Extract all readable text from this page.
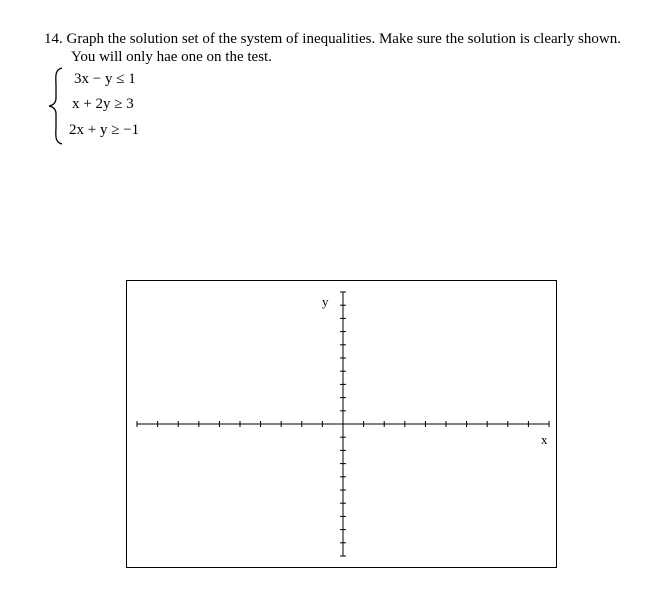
14. Graph the solution set of the system of inequalities. Make sure the solution is clearly shown.
You will only hae one on the test.
3x − y ≤ 1
x + 2y ≥ 3
2x + y ≥ −1
y
x
